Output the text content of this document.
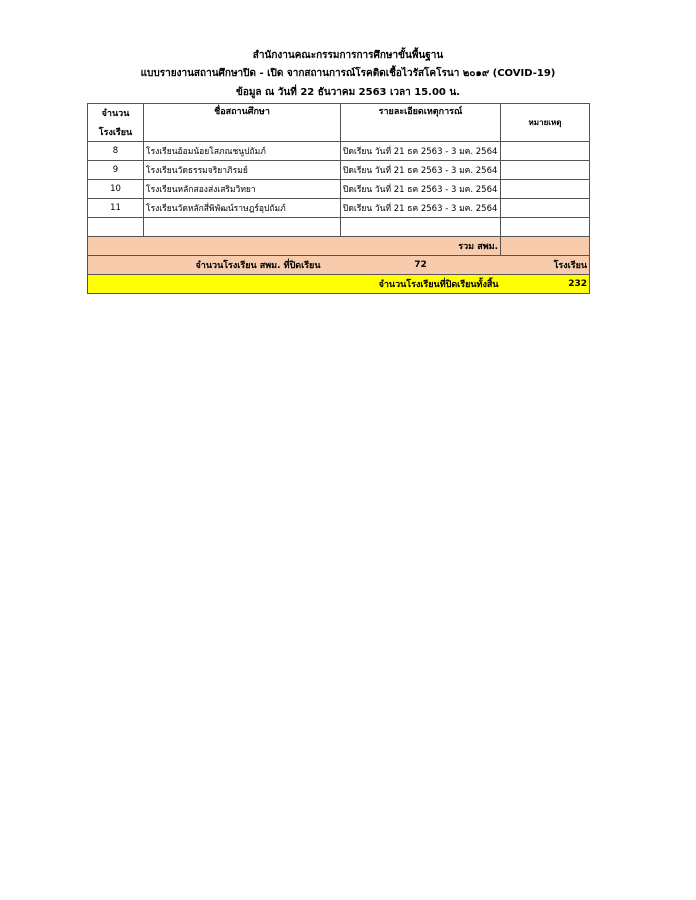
สำนักงานคณะกรรมการการศึกษาขั้นพื้นฐาน
แบบรายงานสถานศึกษาปิด - เปิด จากสถานการณ์โรคติดเชื้อไวรัสโคโรนา ๒๐๑๙ (COVID-19)
ข้อมูล ณ วันที่ 22 ธันวาคม 2563 เวลา 15.00 น.
จำนวน
โรงเรียน	ชื่อสถานศึกษา	รายละเอียดเหตุการณ์	หมายเหตุ

8	โรงเรียนอ้อมน้อยโสภณชนูปถัมภ์	ปิดเรียน วันที่ 21 ธค 2563 - 3 มค. 2564	
9	โรงเรียนวัดธรรมจริยาภิรมย์	ปิดเรียน วันที่ 21 ธค 2563 - 3 มค. 2564	
10	โรงเรียนหลักสองส่งเสริมวิทยา	ปิดเรียน วันที่ 21 ธค 2563 - 3 มค. 2564	
11	โรงเรียนวัดหลักสี่พิพัฒน์ราษฎร์อุปถัมภ์	ปิดเรียน วันที่ 21 ธค 2563 - 3 มค. 2564	

รวม สพม.			
จำนวนโรงเรียน สพม. ที่ปิดเรียน		72	โรงเรียน
จำนวนโรงเรียนที่ปิดเรียนทั้งสิ้น			232
